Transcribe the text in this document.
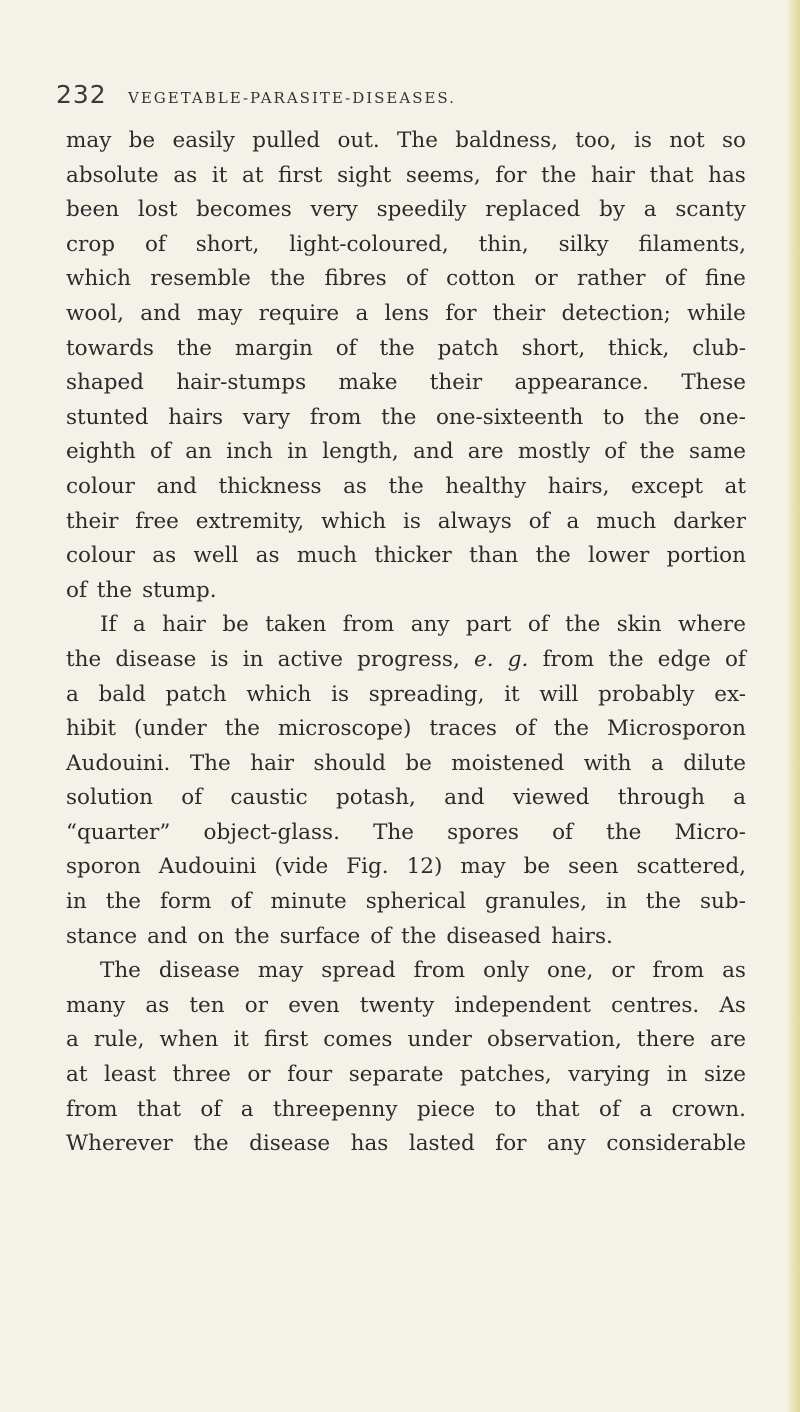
232 VEGETABLE-PARASITE-DISEASES.
may be easily pulled out. The baldness, too, is not so
absolute as it at first sight seems, for the hair that has
been lost becomes very speedily replaced by a scanty
crop of short, light-coloured, thin, silky filaments,
which resemble the fibres of cotton or rather of fine
wool, and may require a lens for their detection; while
towards the margin of the patch short, thick, club-
shaped hair-stumps make their appearance. These
stunted hairs vary from the one-sixteenth to the one-
eighth of an inch in length, and are mostly of the same
colour and thickness as the healthy hairs, except at
their free extremity, which is always of a much darker
colour as well as much thicker than the lower portion
of the stump.
If a hair be taken from any part of the skin where
the disease is in active progress, e. g. from the edge of
a bald patch which is spreading, it will probably ex-
hibit (under the microscope) traces of the Microsporon
Audouini. The hair should be moistened with a dilute
solution of caustic potash, and viewed through a
“quarter” object-glass. The spores of the Micro-
sporon Audouini (vide Fig. 12) may be seen scattered,
in the form of minute spherical granules, in the sub-
stance and on the surface of the diseased hairs.
The disease may spread from only one, or from as
many as ten or even twenty independent centres. As
a rule, when it first comes under observation, there are
at least three or four separate patches, varying in size
from that of a threepenny piece to that of a crown.
Wherever the disease has lasted for any considerable
